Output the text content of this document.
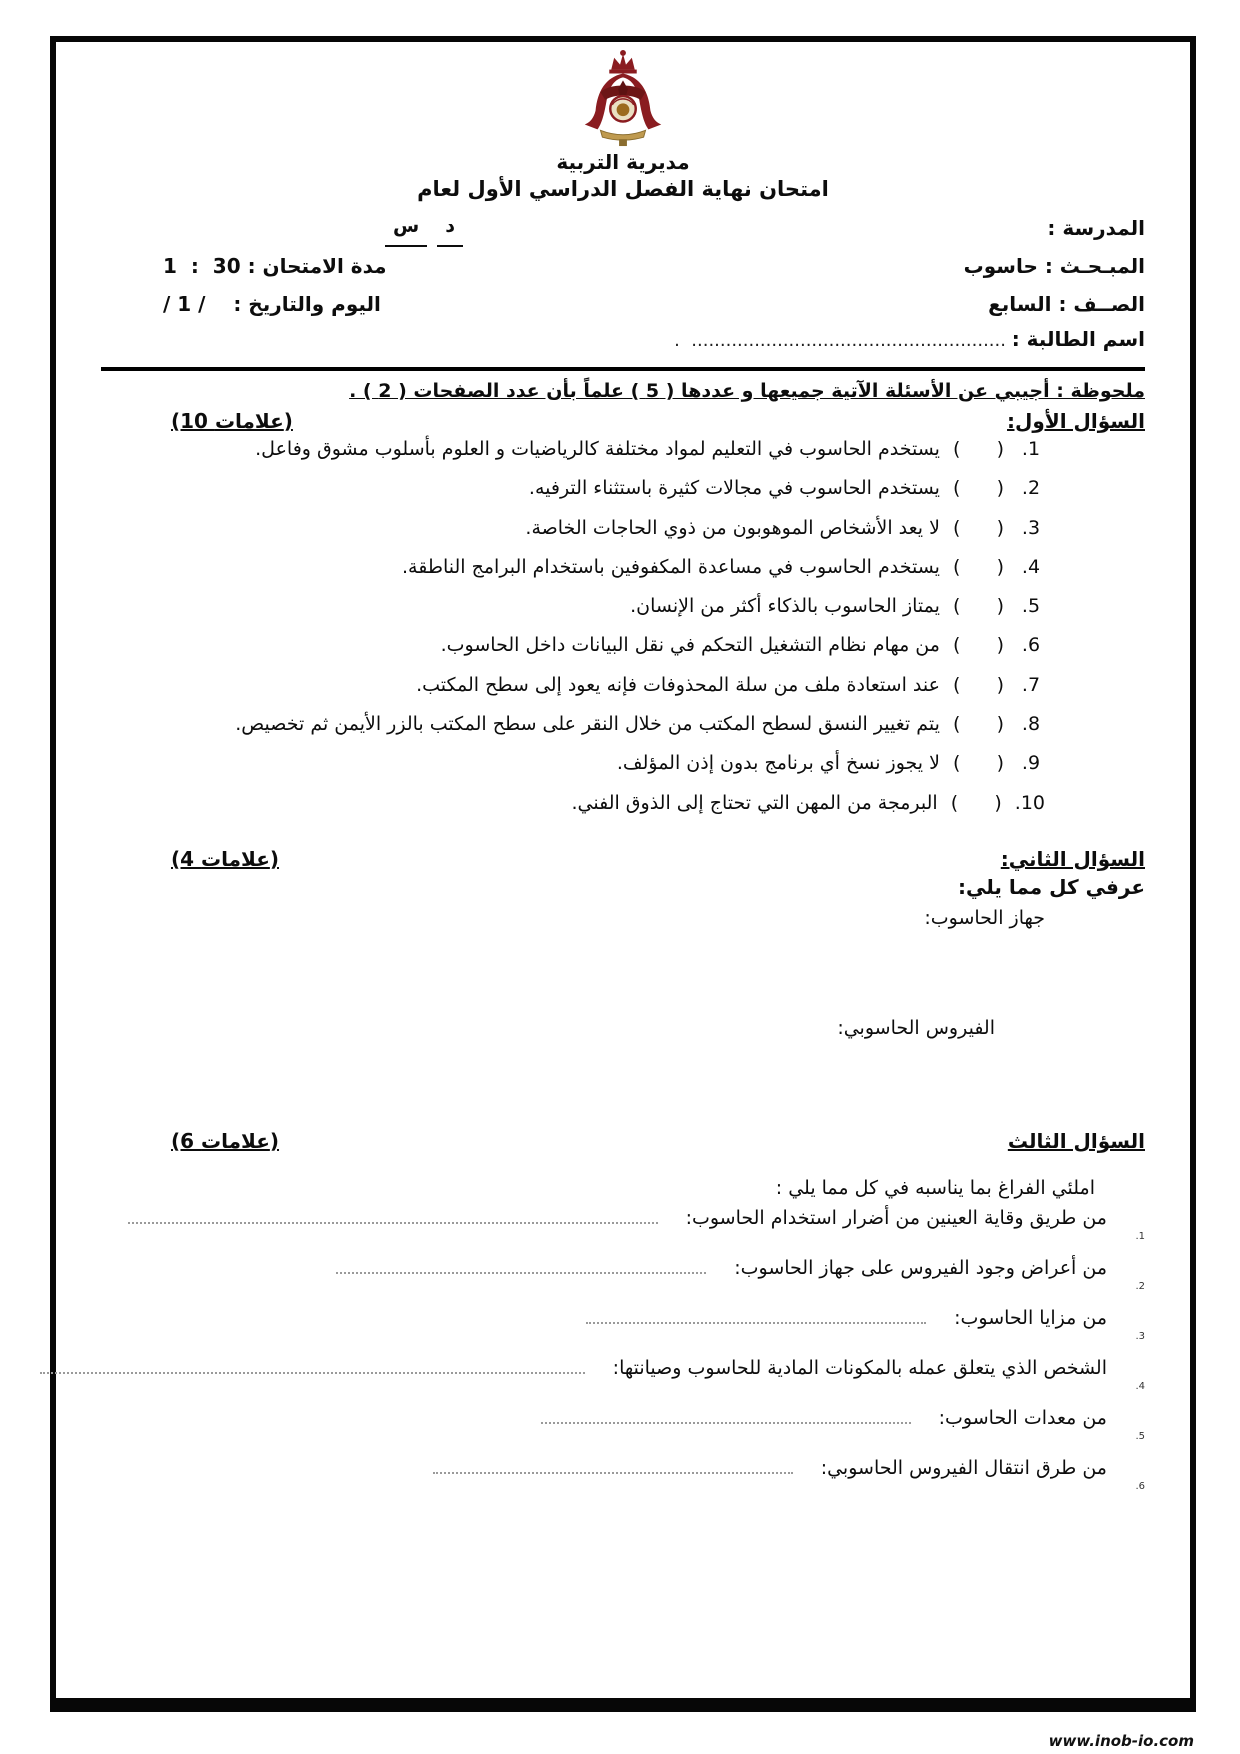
مديرية التربية
امتحان نهاية الفصل الدراسي الأول لعام
المدرسة :
المبـحـث : حاسوب
الصــف : السابع
د
س
مدة الامتحان : 30  :  1
اليوم والتاريخ :    / 1 /
اسم الطالبة : .......................................................  .
ملحوظة : أجيبي عن الأسئلة الآتية جميعها و عددها ( 5 ) علماً بأن عدد الصفحات ( 2 ) .
السؤال الأول:
(10 علامات)
1.
(      )
يستخدم الحاسوب في التعليم لمواد مختلفة كالرياضيات و العلوم بأسلوب مشوق وفاعل.
2.
(      )
يستخدم الحاسوب في مجالات كثيرة باستثناء الترفيه.
3.
(      )
لا يعد الأشخاص الموهوبون من ذوي الحاجات الخاصة.
4.
(      )
يستخدم الحاسوب في مساعدة المكفوفين باستخدام البرامج الناطقة.
5.
(      )
يمتاز الحاسوب بالذكاء أكثر من الإنسان.
6.
(      )
من مهام نظام التشغيل التحكم في نقل البيانات داخل الحاسوب.
7.
(      )
عند استعادة ملف من سلة المحذوفات فإنه يعود إلى سطح المكتب.
8.
(      )
يتم تغيير النسق لسطح المكتب من خلال النقر على سطح المكتب بالزر الأيمن ثم تخصيص.
9.
(      )
لا يجوز نسخ أي برنامج بدون إذن المؤلف.
10.
(      )
البرمجة من المهن التي تحتاج إلى الذوق الفني.
السؤال الثاني:
(4 علامات)
عرفي كل مما يلي:
جهاز الحاسوب:
الفيروس الحاسوبي:
السؤال الثالث
(6 علامات)
املئي الفراغ بما يناسبه في كل مما يلي :
1.
من طريق وقاية العينين من أضرار استخدام الحاسوب:
2.
من أعراض وجود الفيروس على جهاز الحاسوب:
3.
من مزايا الحاسوب:
4.
الشخص الذي يتعلق عمله بالمكونات المادية للحاسوب وصيانتها:
5.
من معدات الحاسوب:
6.
من طرق انتقال الفيروس الحاسوبي:
www.inob-io.com
